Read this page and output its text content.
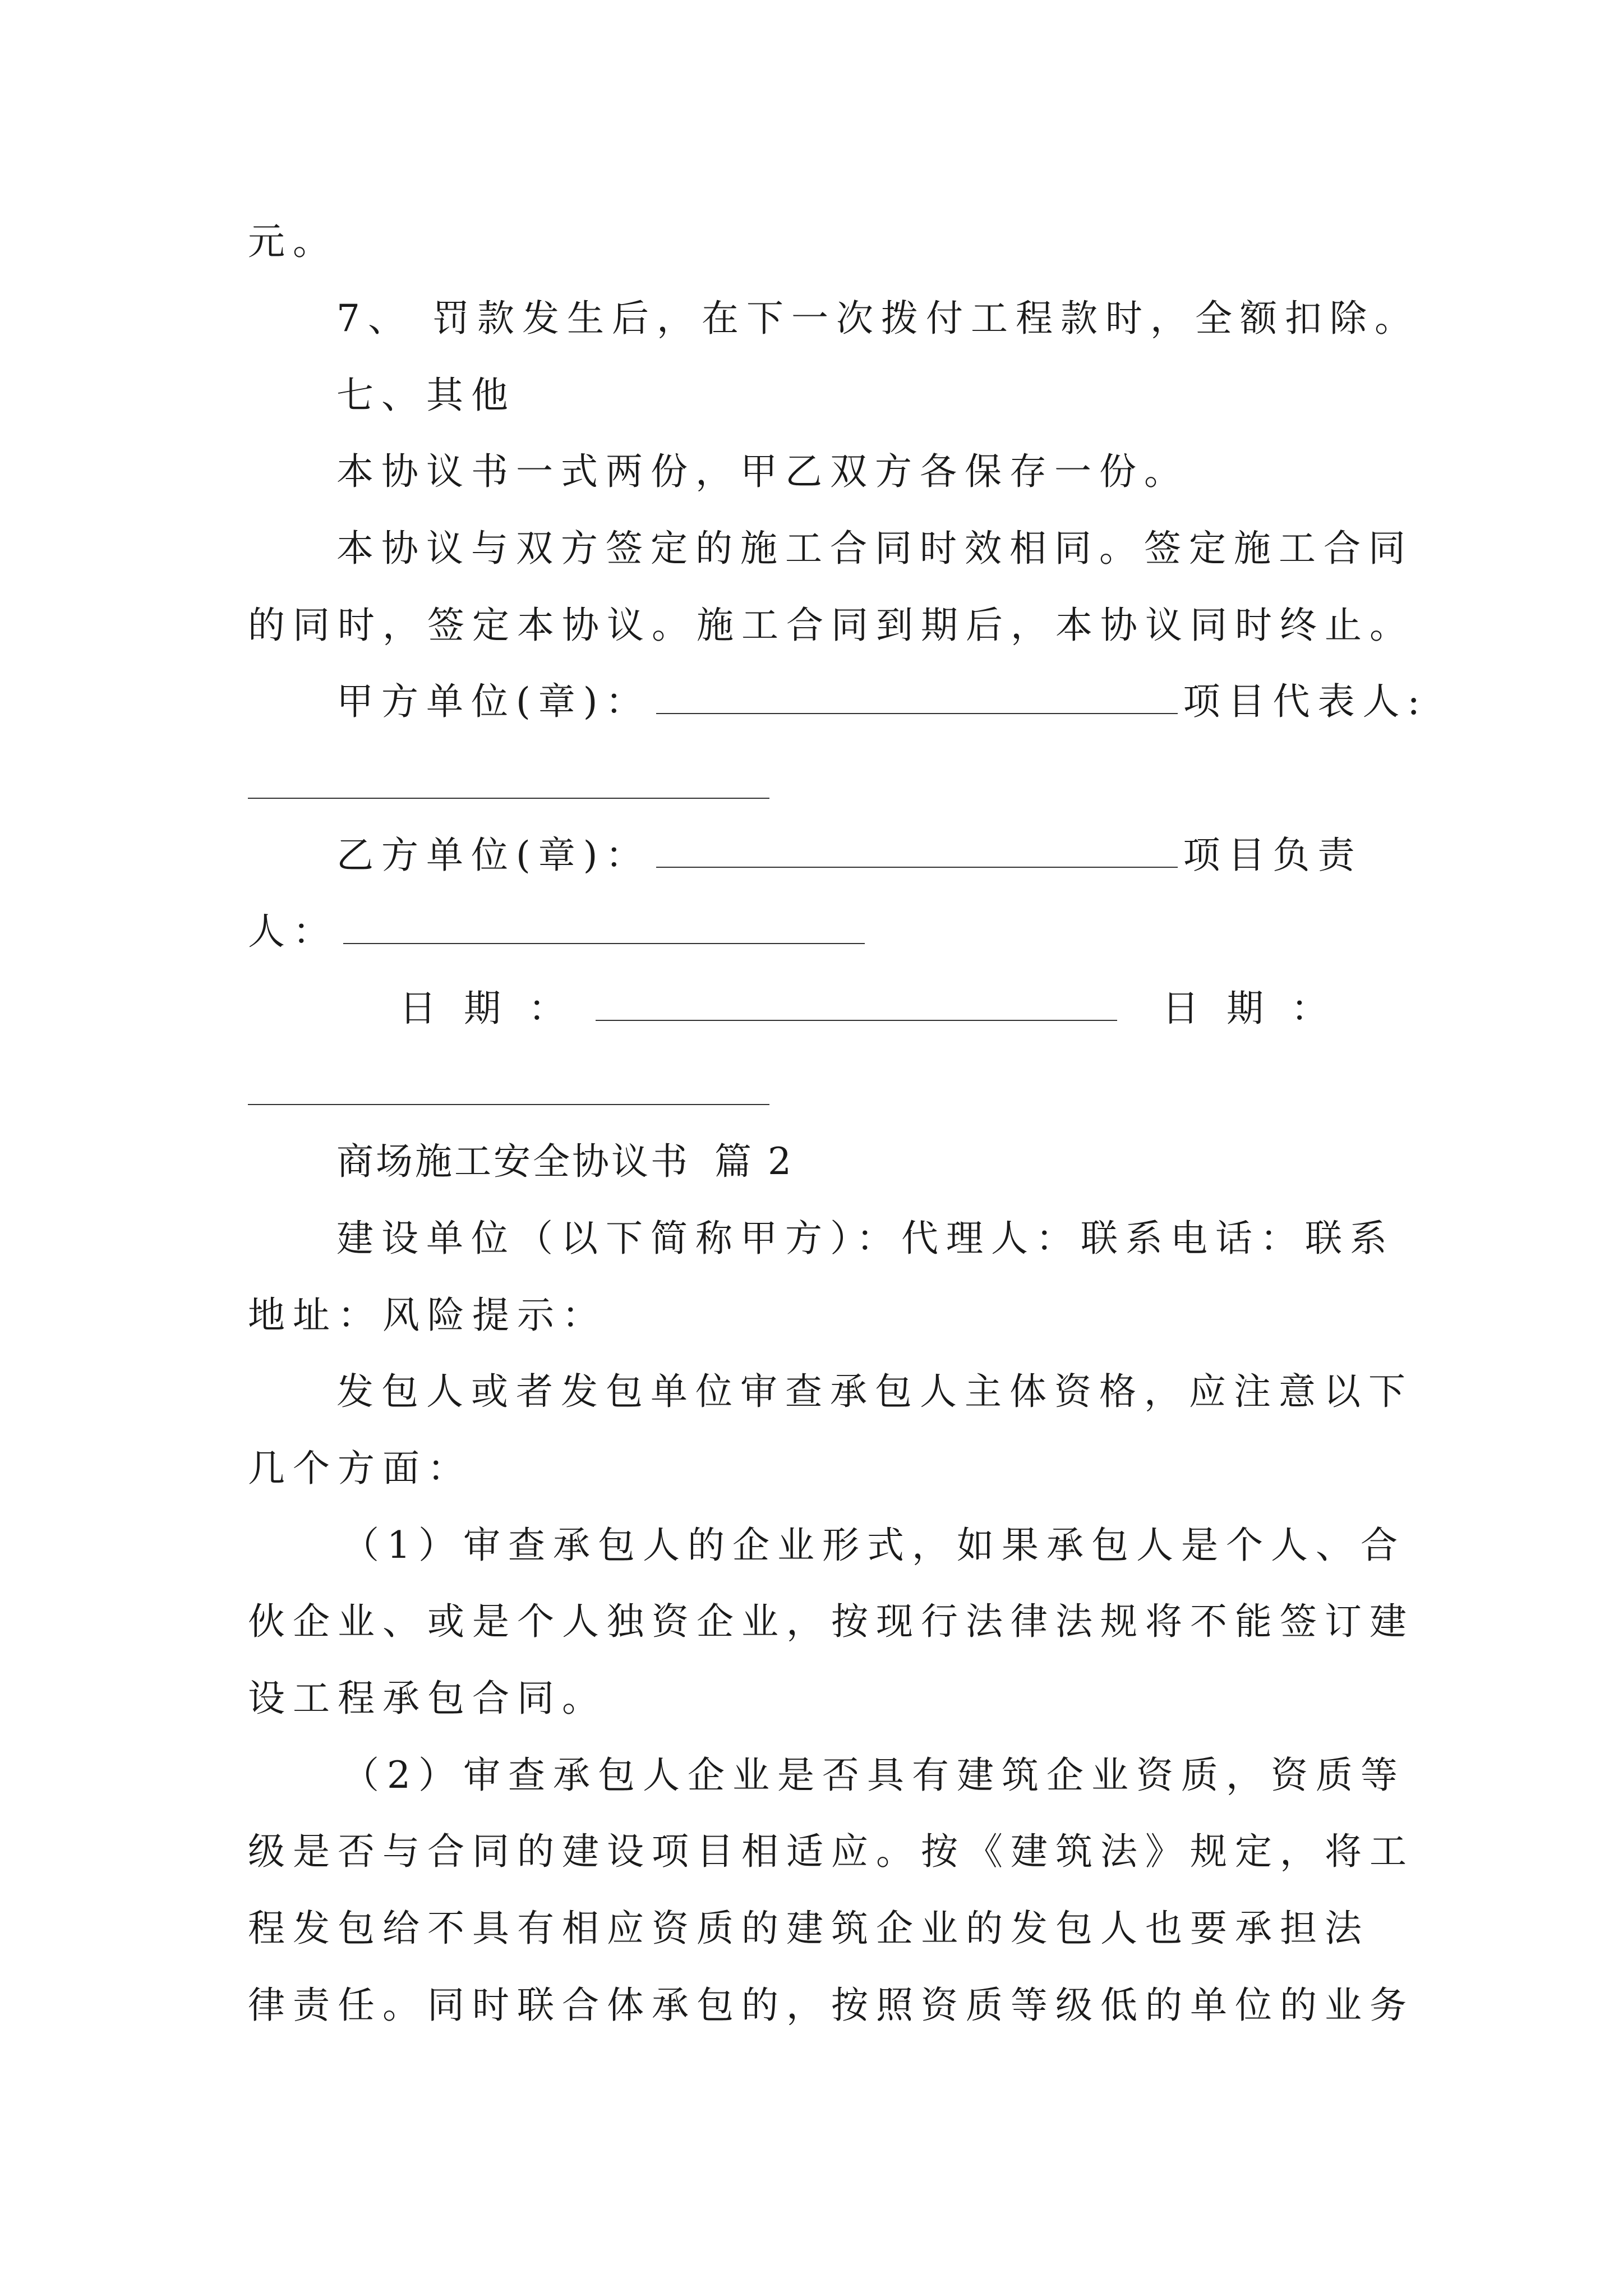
元。
7、 罚款发生后，在下一次拨付工程款时，全额扣除。
七、其他
本协议书一式两份，甲乙双方各保存一份。
本协议与双方签定的施工合同时效相同。签定施工合同
的同时，签定本协议。施工合同到期后，本协议同时终止。
甲方单位(章)：	项目代表人:
乙方单位(章)：	项目负责
人：
日 期 ：	日 期 ：
商场施工安全协议书 篇 2
建设单位（以下简称甲方）：代理人：联系电话：联系
地址：风险提示：
发包人或者发包单位审查承包人主体资格，应注意以下
几个方面：
（1）审查承包人的企业形式，如果承包人是个人、合
伙企业、或是个人独资企业，按现行法律法规将不能签订建
设工程承包合同。
（2）审查承包人企业是否具有建筑企业资质，资质等
级是否与合同的建设项目相适应。按《建筑法》规定，将工
程发包给不具有相应资质的建筑企业的发包人也要承担法
律责任。同时联合体承包的，按照资质等级低的单位的业务
